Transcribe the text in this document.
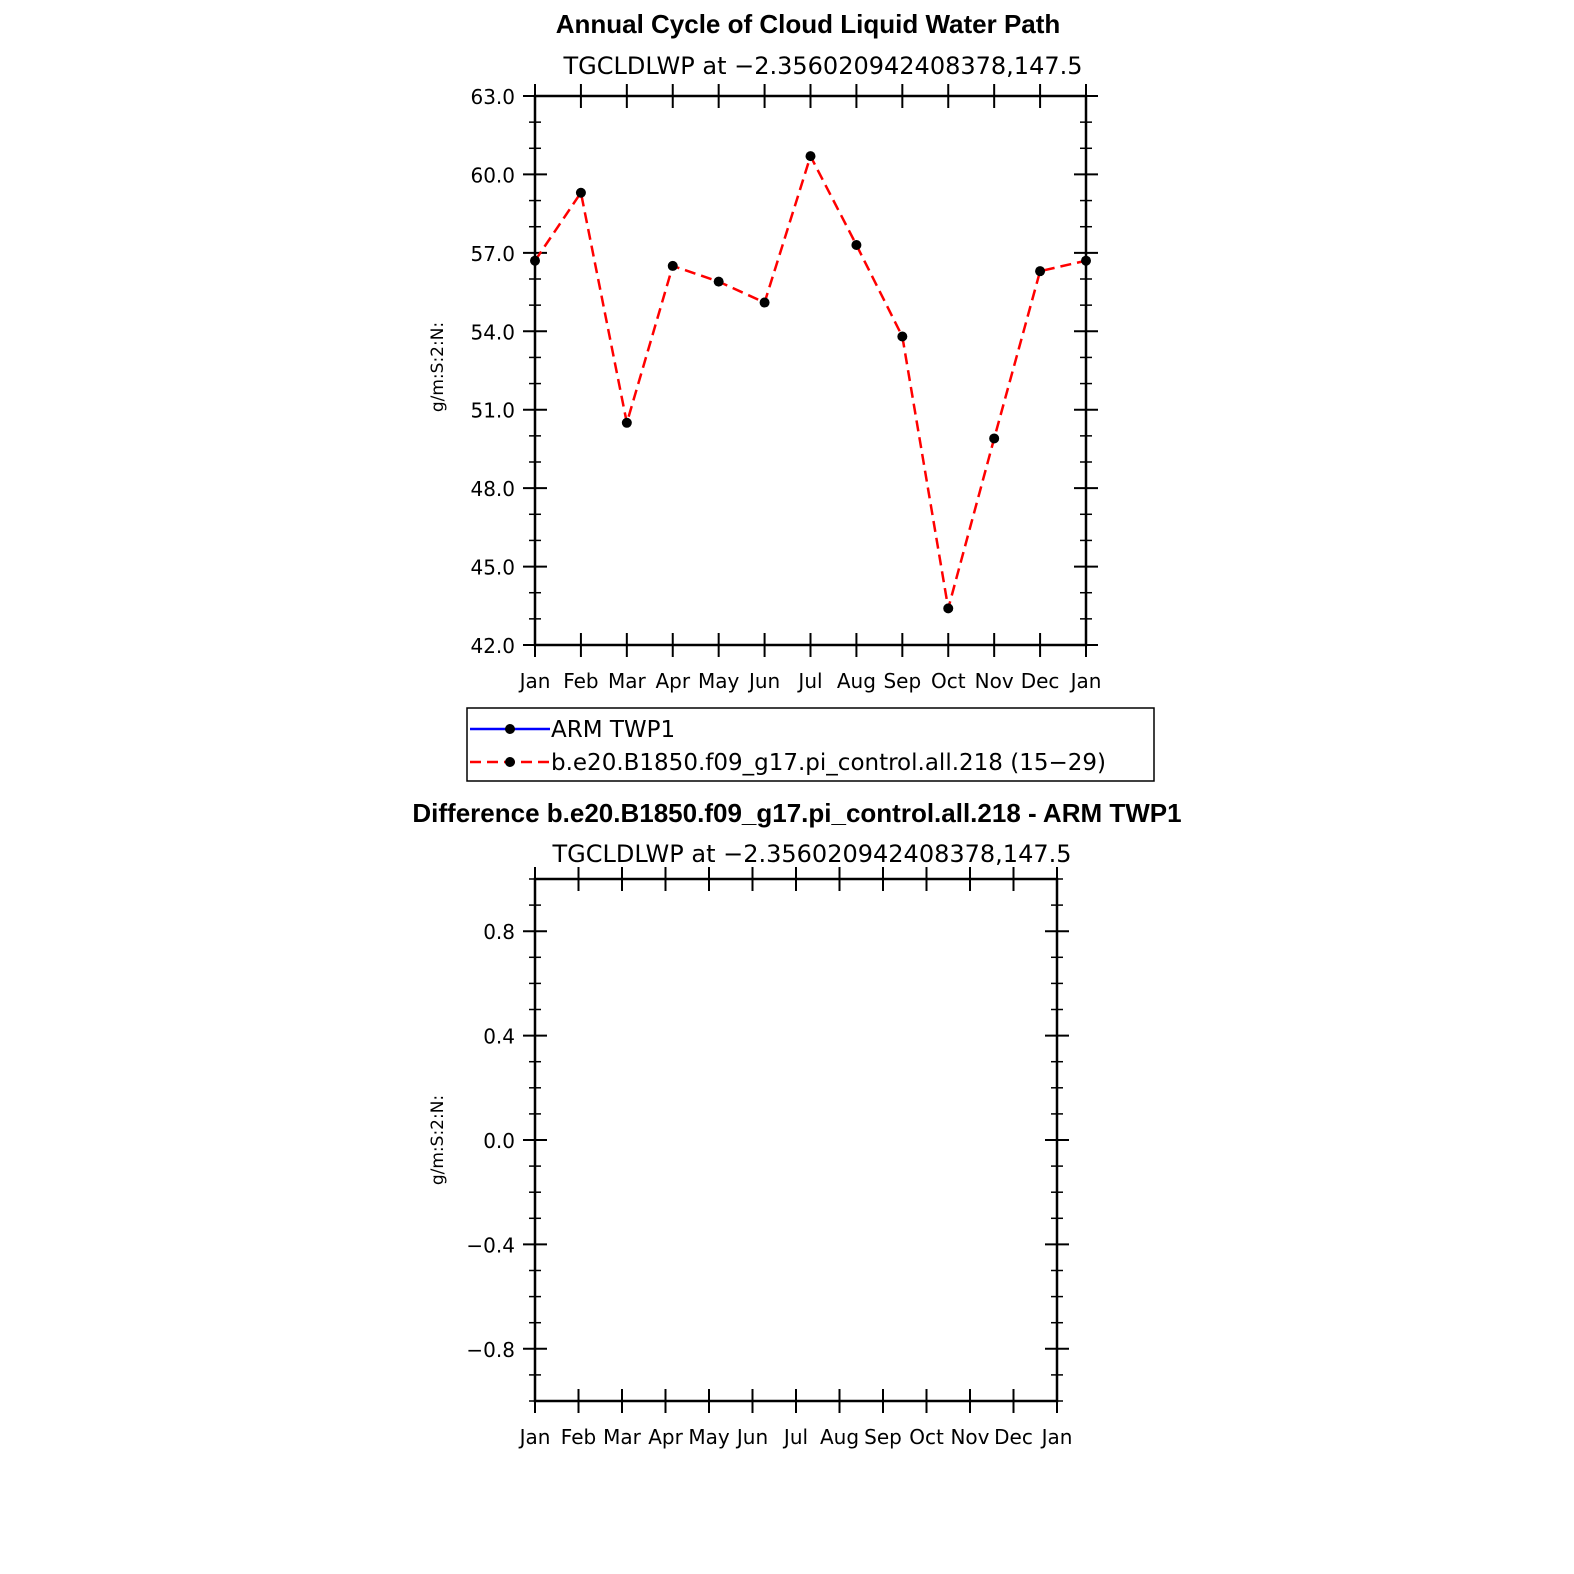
Annual Cycle of Cloud Liquid Water Path
TGCLDLWP at −2.356020942408378,147.5
g/m:S:2:N:
42.0
45.0
48.0
51.0
54.0
57.0
60.0
63.0
Jan Feb Mar Apr May Jun Jul Aug Sep Oct Nov Dec Jan
ARM TWP1
b.e20.B1850.f09_g17.pi_control.all.218 (15−29)
Difference b.e20.B1850.f09_g17.pi_control.all.218 - ARM TWP1
TGCLDLWP at −2.356020942408378,147.5
g/m:S:2:N:
−0.8
−0.4
0.0
0.4
0.8
Jan Feb Mar Apr May Jun Jul Aug Sep Oct Nov Dec Jan
